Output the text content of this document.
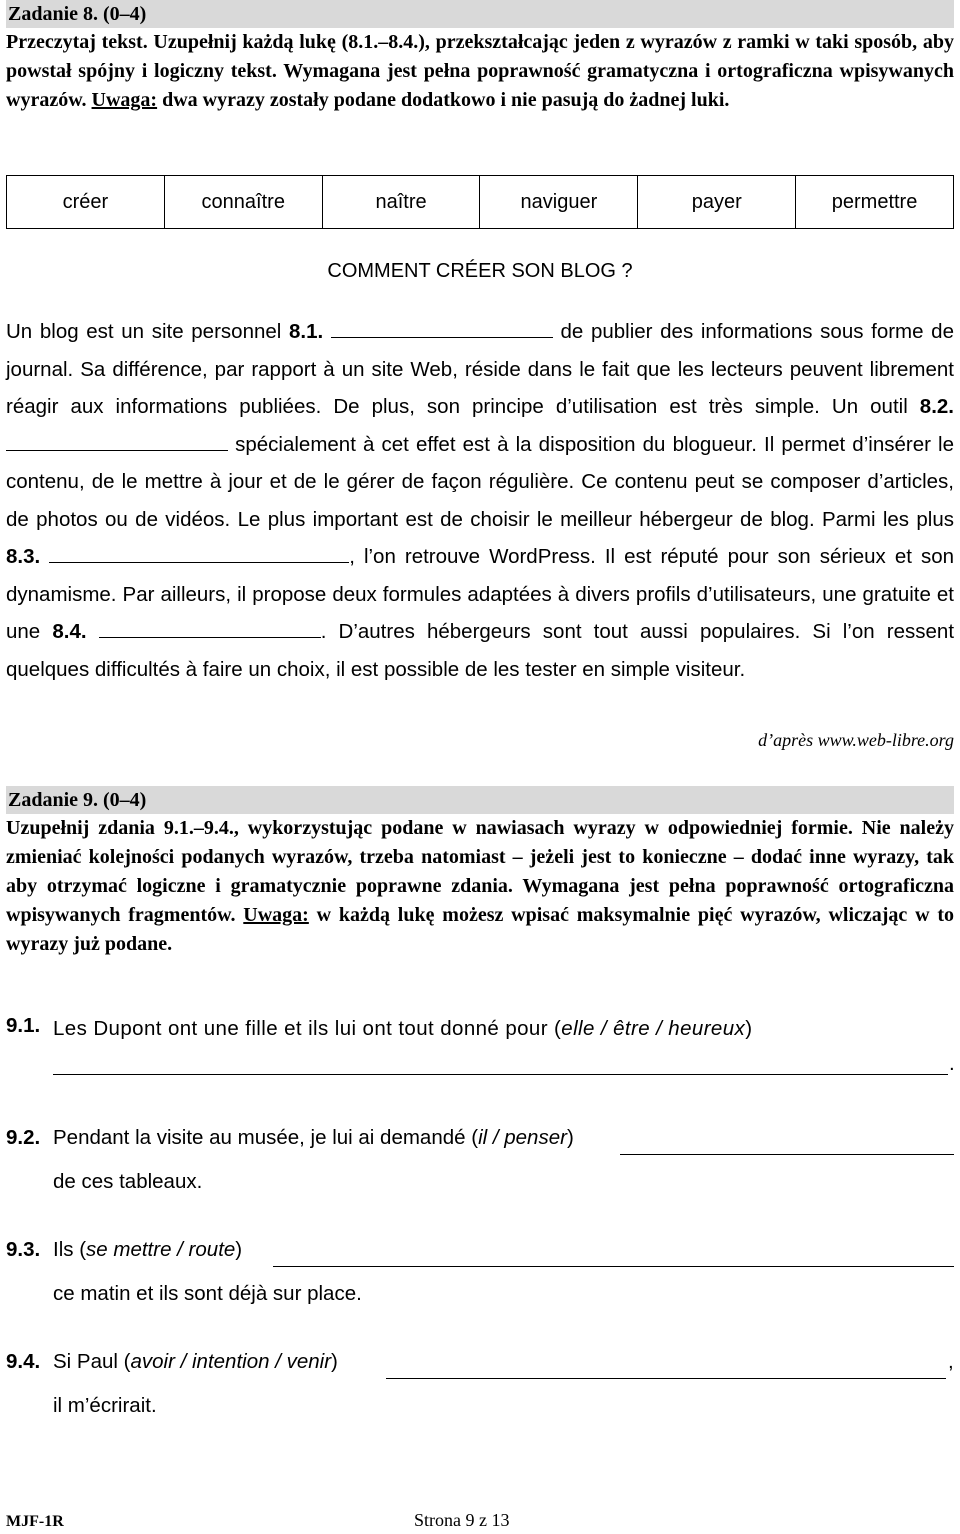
Zadanie 8. (0–4)

Przeczytaj tekst. Uzupełnij każdą lukę (8.1.–8.4.), przekształcając jeden z wyrazów z ramki w taki sposób, aby powstał spójny i logiczny tekst. Wymagana jest pełna poprawność gramatyczna i ortograficzna wpisywanych wyrazów. Uwaga: dwa wyrazy zostały podane dodatkowo i nie pasują do żadnej luki.

créer	connaître	naître	naviguer	payer	permettre
COMMENT CRÉER SON BLOG ?

Un blog est un site personnel 8.1.	de publier des informations sous forme de journal. Sa différence, par rapport à un site Web, réside dans le fait que les lecteurs peuvent librement réagir aux informations publiées. De plus, son principe d’utilisation est très simple. Un outil 8.2.  spécialement à cet effet est à la disposition du blogueur. Il permet d’insérer le contenu, de le mettre à jour et de le gérer de façon régulière. Ce contenu peut se composer d’articles, de photos ou de vidéos. Le plus important est de choisir le meilleur hébergeur de blog. Parmi les plus 8.3.	, l’on retrouve WordPress. Il est réputé pour son sérieux et son dynamisme. Par ailleurs, il propose deux formules adaptées à divers profils d’utilisateurs, une gratuite et une 8.4.	. D’autres hébergeurs sont tout aussi populaires. Si l’on ressent quelques difficultés à faire un choix, il est possible de les tester en simple visiteur.

d’après www.web-libre.org
Zadanie 9. (0–4)

Uzupełnij zdania 9.1.–9.4., wykorzystując podane w nawiasach wyrazy w odpowiedniej formie. Nie należy zmieniać kolejności podanych wyrazów, trzeba natomiast – jeżeli jest to konieczne – dodać inne wyrazy, tak aby otrzymać logiczne i gramatycznie poprawne zdania. Wymagana jest pełna poprawność ortograficzna wpisywanych fragmentów. Uwaga: w każdą lukę możesz wpisać maksymalnie pięć wyrazów, wliczając w to wyrazy już podane.

9.1. Les Dupont ont une fille et ils lui ont tout donné pour (elle / être / heureux)
.
9.2. Pendant la visite au musée, je lui ai demandé (il / penser)
de ces tableaux.
9.3. Ils (se mettre / route)
ce matin et ils sont déjà sur place.
9.4. Si Paul (avoir / intention / venir)	,
il m’écrirait.
MJF-1R	Strona 9 z 13
